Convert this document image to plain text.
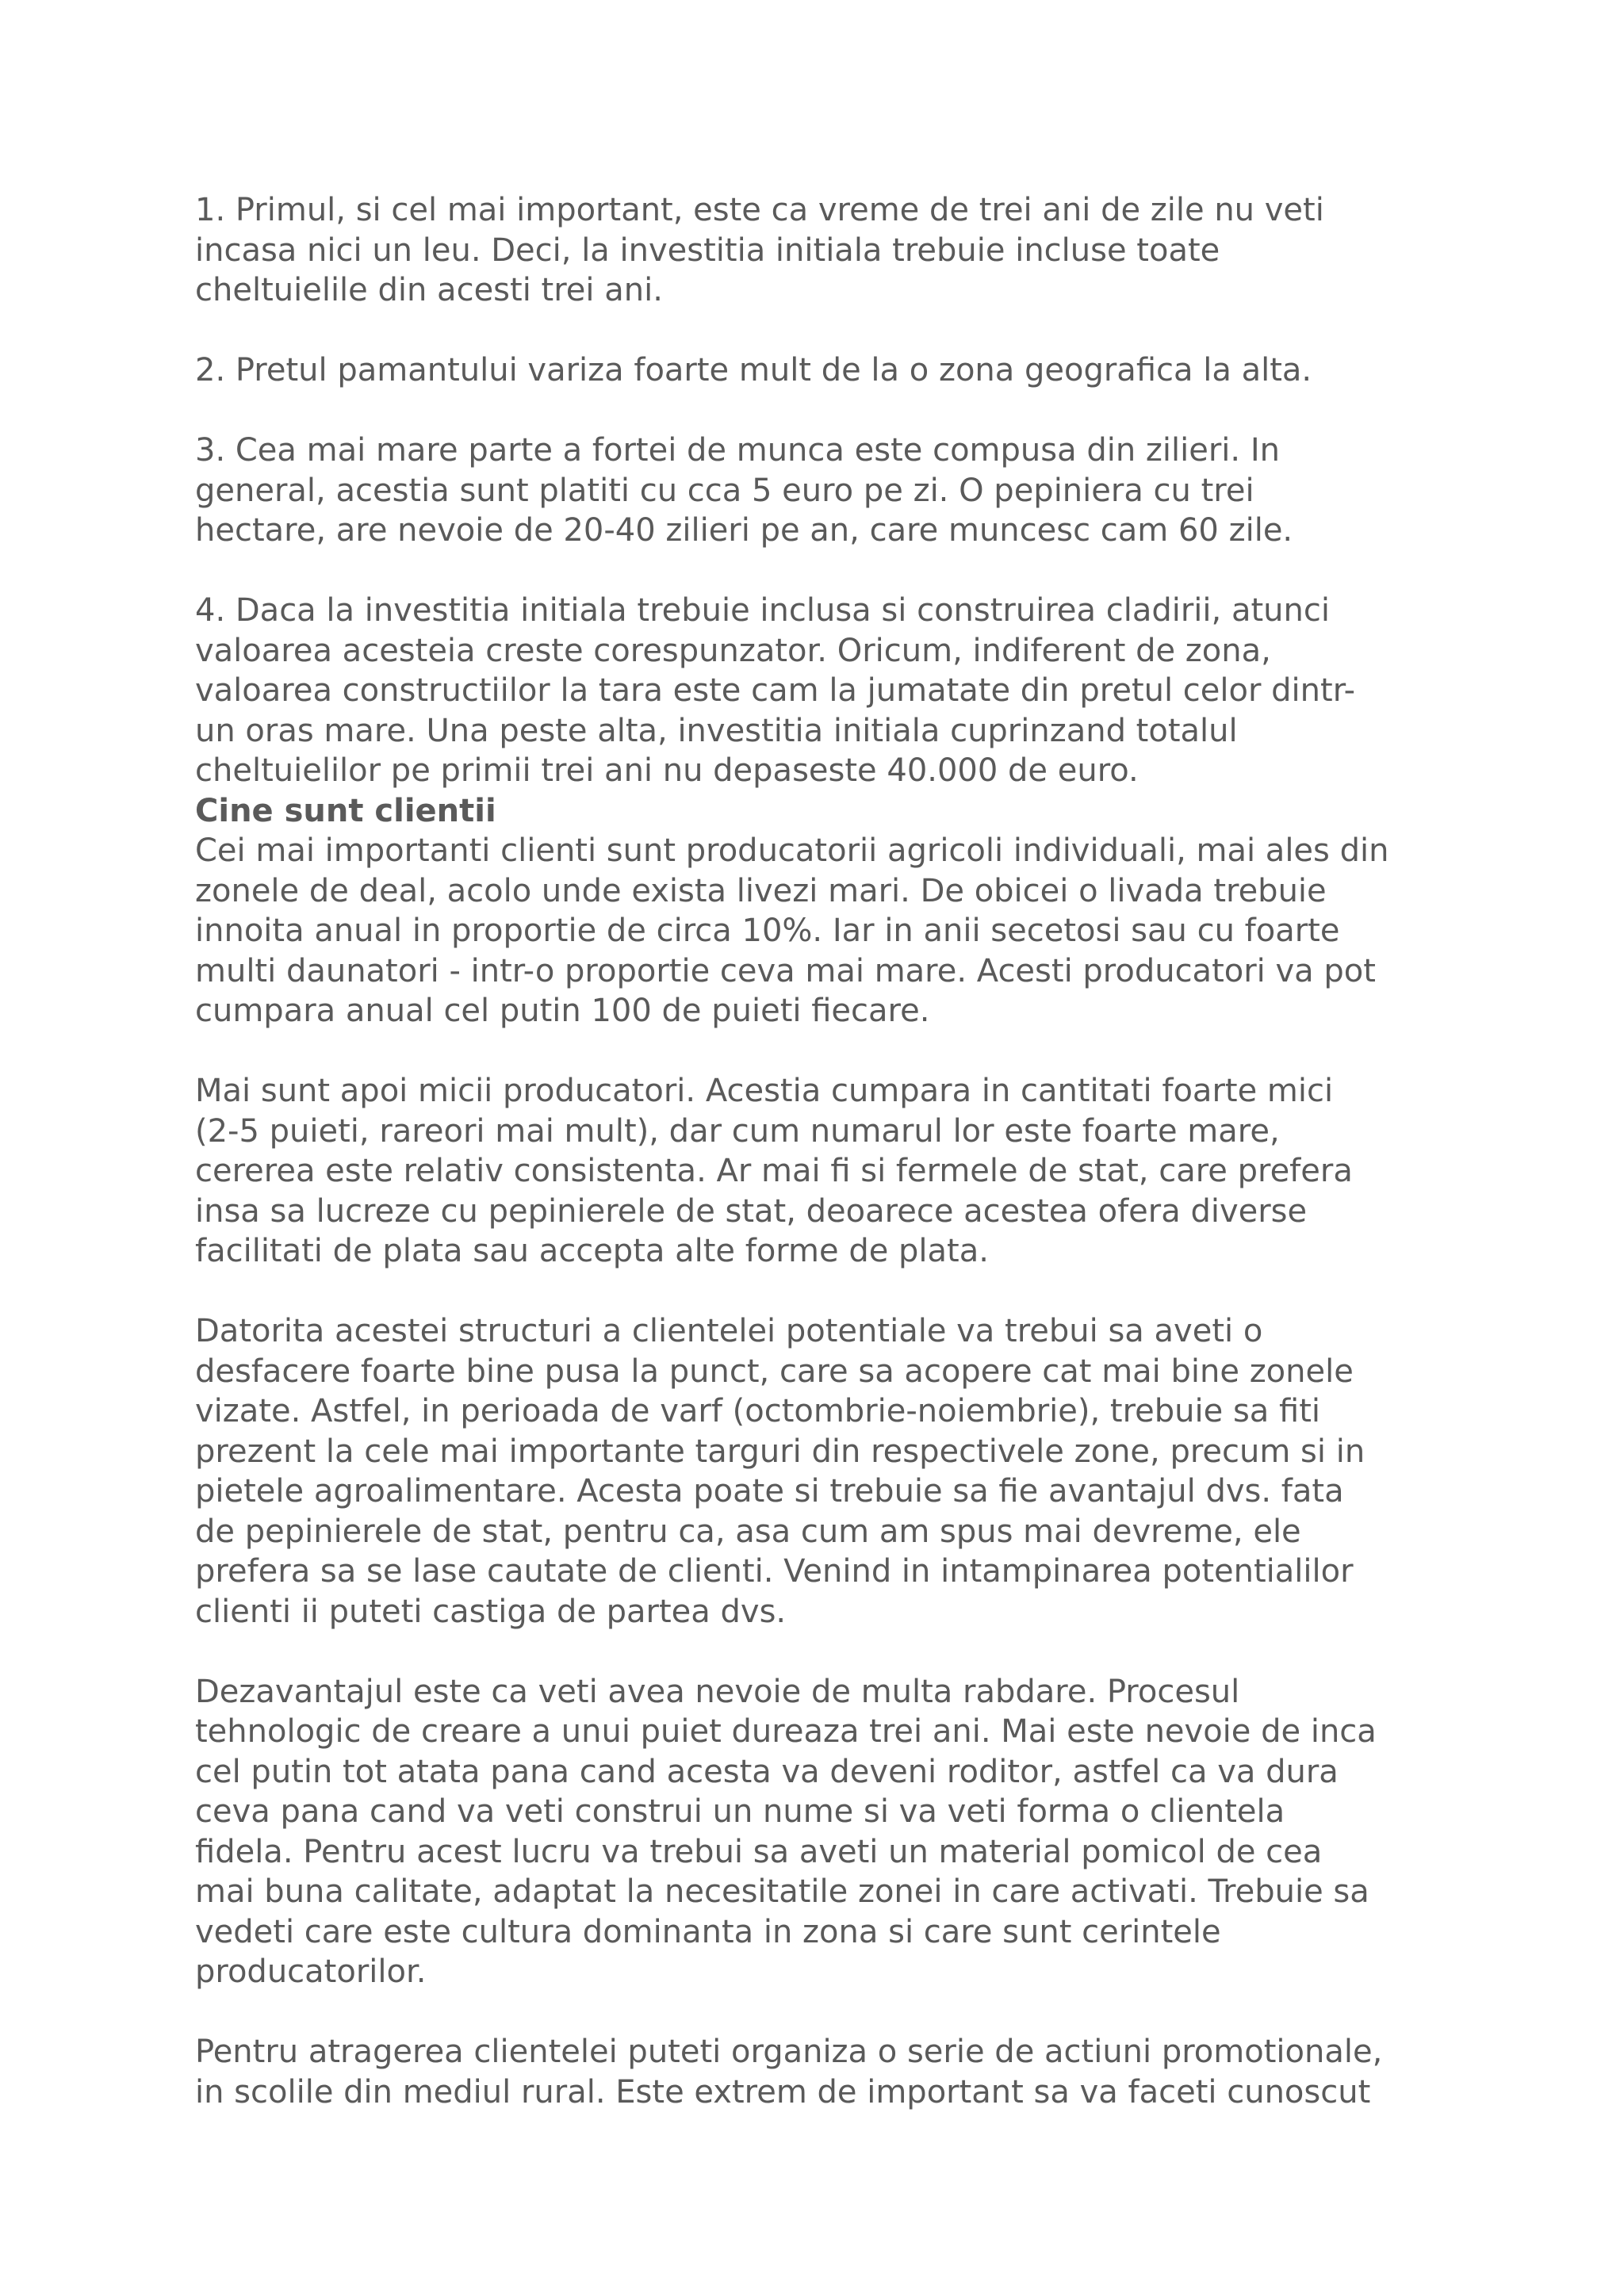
1. Primul, si cel mai important, este ca vreme de trei ani de zile nu veti
incasa nici un leu. Deci, la investitia initiala trebuie incluse toate
cheltuielile din acesti trei ani.

2. Pretul pamantului variza foarte mult de la o zona geografica la alta.

3. Cea mai mare parte a fortei de munca este compusa din zilieri. In
general, acestia sunt platiti cu cca 5 euro pe zi. O pepiniera cu trei
hectare, are nevoie de 20-40 zilieri pe an, care muncesc cam 60 zile.

4. Daca la investitia initiala trebuie inclusa si construirea cladirii, atunci
valoarea acesteia creste corespunzator. Oricum, indiferent de zona,
valoarea constructiilor la tara este cam la jumatate din pretul celor dintr-
un oras mare. Una peste alta, investitia initiala cuprinzand totalul
cheltuielilor pe primii trei ani nu depaseste 40.000 de euro.

Cine sunt clientii

Cei mai importanti clienti sunt producatorii agricoli individuali, mai ales din
zonele de deal, acolo unde exista livezi mari. De obicei o livada trebuie
innoita anual in proportie de circa 10%. Iar in anii secetosi sau cu foarte
multi daunatori - intr-o proportie ceva mai mare. Acesti producatori va pot
cumpara anual cel putin 100 de puieti fiecare.

Mai sunt apoi micii producatori. Acestia cumpara in cantitati foarte mici
(2-5 puieti, rareori mai mult), dar cum numarul lor este foarte mare,
cererea este relativ consistenta. Ar mai fi si fermele de stat, care prefera
insa sa lucreze cu pepinierele de stat, deoarece acestea ofera diverse
facilitati de plata sau accepta alte forme de plata.

Datorita acestei structuri a clientelei potentiale va trebui sa aveti o
desfacere foarte bine pusa la punct, care sa acopere cat mai bine zonele
vizate. Astfel, in perioada de varf (octombrie-noiembrie), trebuie sa fiti
prezent la cele mai importante targuri din respectivele zone, precum si in
pietele agroalimentare. Acesta poate si trebuie sa fie avantajul dvs. fata
de pepinierele de stat, pentru ca, asa cum am spus mai devreme, ele
prefera sa se lase cautate de clienti. Venind in intampinarea potentialilor
clienti ii puteti castiga de partea dvs.

Dezavantajul este ca veti avea nevoie de multa rabdare. Procesul
tehnologic de creare a unui puiet dureaza trei ani. Mai este nevoie de inca
cel putin tot atata pana cand acesta va deveni roditor, astfel ca va dura
ceva pana cand va veti construi un nume si va veti forma o clientela
fidela. Pentru acest lucru va trebui sa aveti un material pomicol de cea
mai buna calitate, adaptat la necesitatile zonei in care activati. Trebuie sa
vedeti care este cultura dominanta in zona si care sunt cerintele
producatorilor.

Pentru atragerea clientelei puteti organiza o serie de actiuni promotionale,
in scolile din mediul rural. Este extrem de important sa va faceti cunoscut
